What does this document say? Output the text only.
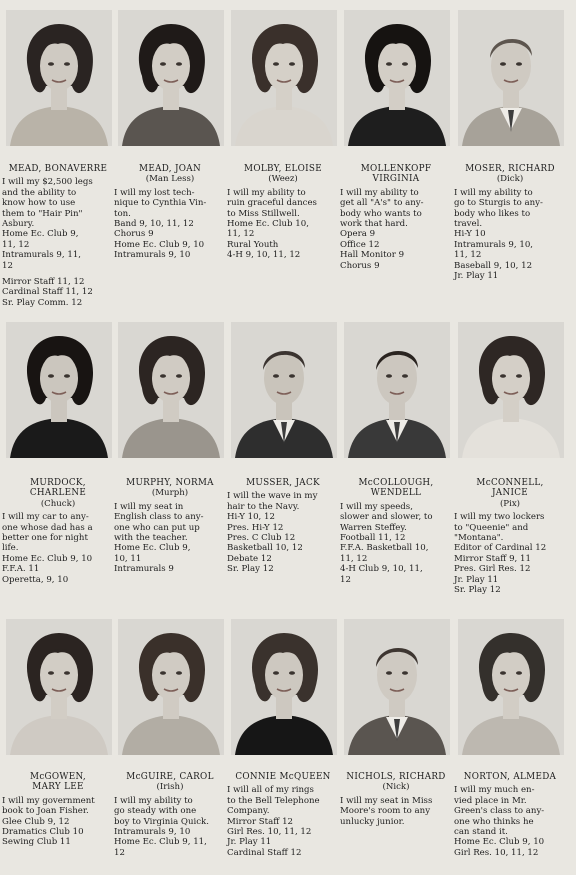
MEAD, BONAVERRE
I will my $2,500 legs
and the ability to
know how to use
them to "Hair Pin"
Asbury.
Home Ec. Club 9,
11, 12
Intramurals 9, 11,
12
Mirror Staff 11, 12
Cardinal Staff 11, 12
Sr. Play Comm. 12
MEAD, JOAN
(Man Less)
I will my lost tech-
nique to Cynthia Vin-
ton.
Band 9, 10, 11, 12
Chorus 9
Home Ec. Club 9, 10
Intramurals 9, 10
MOLBY, ELOISE
(Weez)
I will my ability to
ruin graceful dances
to Miss Stillwell.
Home Ec. Club 10,
11, 12
Rural Youth
4-H 9, 10, 11, 12
MOLLENKOPF
VIRGINIA
I will my ability to
get all "A's" to any-
body who wants to
work that hard.
Opera 9
Office 12
Hall Monitor 9
Chorus 9
MOSER, RICHARD
(Dick)
I will my ability to
go to Sturgis to any-
body who likes to
travel.
Hi-Y 10
Intramurals 9, 10,
11, 12
Baseball 9, 10, 12
Jr. Play 11
MURDOCK,
CHARLENE
(Chuck)
I will my car to any-
one whose dad has a
better one for night
life.
Home Ec. Club 9, 10
F.F.A. 11
Operetta, 9, 10
MURPHY, NORMA
(Murph)
I will my seat in
English class to any-
one who can put up
with the teacher.
Home Ec. Club 9,
10, 11
Intramurals 9
MUSSER, JACK
I will the wave in my
hair to the Navy.
Hi-Y 10, 12
Pres. Hi-Y 12
Pres. C Club 12
Basketball 10, 12
Debate 12
Sr. Play 12
McCOLLOUGH,
WENDELL
I will my speeds,
slower and slower, to
Warren Steffey.
Football 11, 12
F.F.A. Basketball 10,
11, 12
4-H Club 9, 10, 11,
12
McCONNELL,
JANICE
(Pix)
I will my two lockers
to "Queenie" and
"Montana".
Editor of Cardinal 12
Mirror Staff 9, 11
Pres. Girl Res. 12
Jr. Play 11
Sr. Play 12
McGOWEN,
MARY LEE
I will my government
book to Joan Fisher.
Glee Club 9, 12
Dramatics Club 10
Sewing Club 11
McGUIRE, CAROL
(Irish)
I will my ability to
go steady with one
boy to Virginia Quick.
Intramurals 9, 10
Home Ec. Club 9, 11,
12
CONNIE McQUEEN
I will all of my rings
to the Bell Telephone
Company.
Mirror Staff 12
Girl Res. 10, 11, 12
Jr. Play 11
Cardinal Staff 12
NICHOLS, RICHARD
(Nick)
I will my seat in Miss
Moore's room to any
unlucky junior.
NORTON, ALMEDA
I will my much en-
vied place in Mr.
Green's class to any-
one who thinks he
can stand it.
Home Ec. Club 9, 10
Girl Res. 10, 11, 12
